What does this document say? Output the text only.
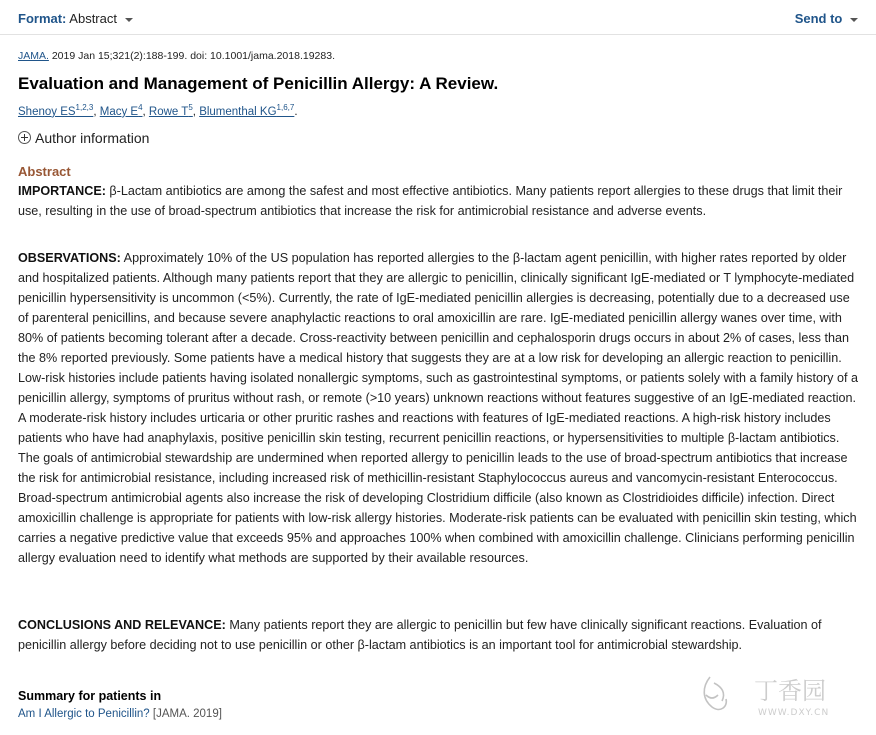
Format: Abstract	Send to
JAMA. 2019 Jan 15;321(2):188-199. doi: 10.1001/jama.2018.19283.
Evaluation and Management of Penicillin Allergy: A Review.
Shenoy ES$^{1,2,3}$, Macy $E^4$, Rowe $T^5$, Blumenthal KG$^{1,6,7}$.
Author information
Abstract

IMPORTANCE: β-Lactam antibiotics are among the safest and most effective antibiotics. Many patients report allergies to these drugs that limit their use, resulting in the use of broad-spectrum antibiotics that increase the risk for antimicrobial resistance and adverse events.

OBSERVATIONS: Approximately 10% of the US population has reported allergies to the β-lactam agent penicillin, with higher rates reported by older and hospitalized patients. Although many patients report that they are allergic to penicillin, clinically significant IgE-mediated or T lymphocyte-mediated penicillin hypersensitivity is uncommon (<5%). Currently, the rate of IgE-mediated penicillin allergies is decreasing, potentially due to a decreased use of parenteral penicillins, and because severe anaphylactic reactions to oral amoxicillin are rare. IgE-mediated penicillin allergy wanes over time, with 80% of patients becoming tolerant after a decade. Cross-reactivity between penicillin and cephalosporin drugs occurs in about 2% of cases, less than the 8% reported previously. Some patients have a medical history that suggests they are at a low risk for developing an allergic reaction to penicillin. Low-risk histories include patients having isolated nonallergic symptoms, such as gastrointestinal symptoms, or patients solely with a family history of a penicillin allergy, symptoms of pruritus without rash, or remote (>10 years) unknown reactions without features suggestive of an IgE-mediated reaction. A moderate-risk history includes urticaria or other pruritic rashes and reactions with features of IgE-mediated reactions. A high-risk history includes patients who have had anaphylaxis, positive penicillin skin testing, recurrent penicillin reactions, or hypersensitivities to multiple β-lactam antibiotics. The goals of antimicrobial stewardship are undermined when reported allergy to penicillin leads to the use of broad-spectrum antibiotics that increase the risk for antimicrobial resistance, including increased risk of methicillin-resistant Staphylococcus aureus and vancomycin-resistant Enterococcus. Broad-spectrum antimicrobial agents also increase the risk of developing Clostridium difficile (also known as Clostridioides difficile) infection. Direct amoxicillin challenge is appropriate for patients with low-risk allergy histories. Moderate-risk patients can be evaluated with penicillin skin testing, which carries a negative predictive value that exceeds 95% and approaches 100% when combined with amoxicillin challenge. Clinicians performing penicillin allergy evaluation need to identify what methods are supported by their available resources.

CONCLUSIONS AND RELEVANCE: Many patients report they are allergic to penicillin but few have clinically significant reactions. Evaluation of penicillin allergy before deciding not to use penicillin or other β-lactam antibiotics is an important tool for antimicrobial stewardship.

Summary for patients in
Am I Allergic to Penicillin? [JAMA. 2019]
丁香园
WWW.DXY.CN
